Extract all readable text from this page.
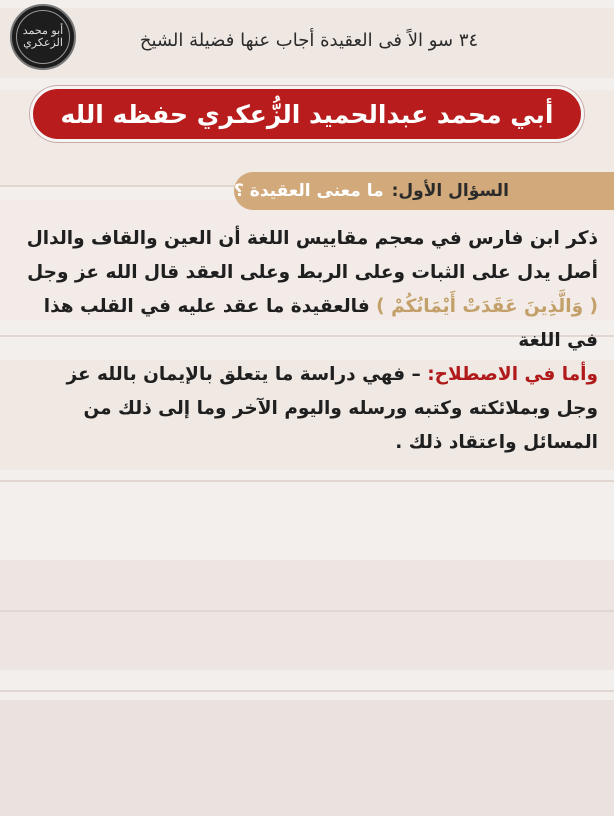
أبو محمد الزعكري	٣٤ سو الاً فى العقيدة أجاب عنها فضيلة الشيخ
أبي محمد عبدالحميد الزُّعكري حفظه الله
السؤال الأول:
ما معنى العقيدة ؟

ذكر ابن فارس في معجم مقاييس اللغة أن العين والقاف والدال

أصل يدل على الثبات وعلى الربط وعلى العقد قال الله عز وجل

( وَالَّذِينَ عَقَدَتْ أَيْمَانُكُمْ ) فالعقيدة ما عقد عليه في القلب هذا

في اللغة

وأما في الاصطلاح: – فهي دراسة ما يتعلق بالإيمان بالله عز

وجل وبملائكته وكتبه ورسله واليوم الآخر وما إلى ذلك من

المسائل واعتقاد ذلك .
